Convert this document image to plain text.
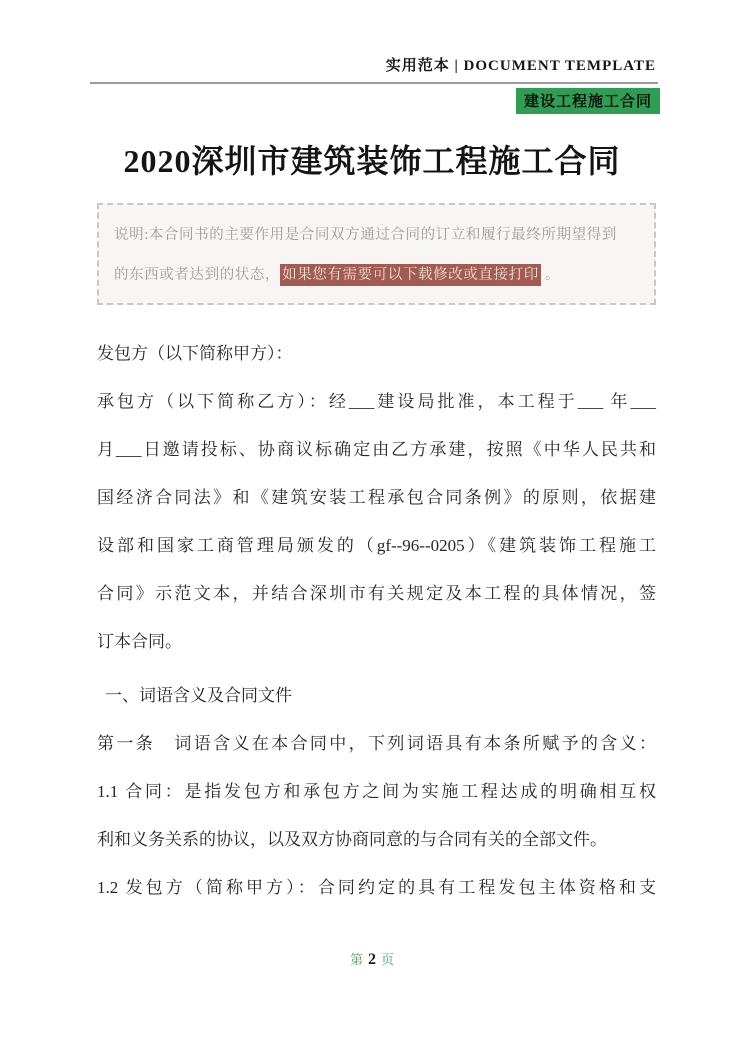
实用范本 | DOCUMENT TEMPLATE
建设工程施工合同
2020深圳市建筑装饰工程施工合同
说明:本合同书的主要作用是合同双方通过合同的订立和履行最终所期望得到
的东西或者达到的状态， 如果您有需要可以下载修改或直接打印 。
发包方（以下简称甲方）：
承包方（以下简称乙方）：经___建设局批准，本工程于___ 年___
月___日邀请投标、协商议标确定由乙方承建，按照《中华人民共和
国经济合同法》和《建筑安装工程承包合同条例》的原则，依据建
设部和国家工商管理局颁发的（gf--96--0205）《建筑装饰工程施工
合同》示范文本，并结合深圳市有关规定及本工程的具体情况，签
订本合同。
一、词语含义及合同文件
第一条　词语含义在本合同中，下列词语具有本条所赋予的含义：
1.1 合同：是指发包方和承包方之间为实施工程达成的明确相互权
利和义务关系的协议，以及双方协商同意的与合同有关的全部文件。
1.2 发包方（简称甲方）：合同约定的具有工程发包主体资格和支
第 2 页
